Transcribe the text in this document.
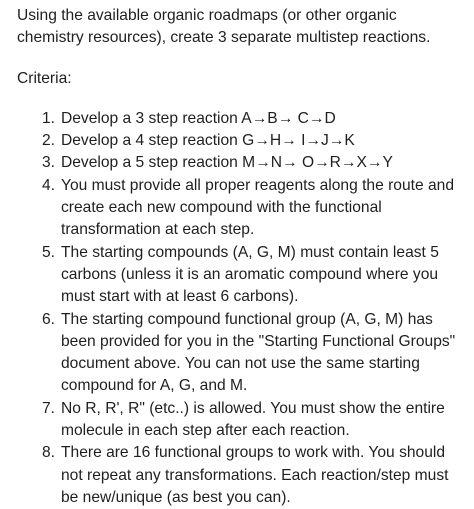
Using the available organic roadmaps (or other organic chemistry resources), create 3 separate multistep reactions.

Criteria:

1. Develop a 3 step reaction A→B→ C→D
2. Develop a 4 step reaction G→H→ I→J→K
3. Develop a 5 step reaction M→N→ O→R→X→Y
4. You must provide all proper reagents along the route and create each new compound with the functional transformation at each step.
5. The starting compounds (A, G, M) must contain least 5 carbons (unless it is an aromatic compound where you must start with at least 6 carbons).
6. The starting compound functional group (A, G, M) has been provided for you in the "Starting Functional Groups" document above. You can not use the same starting compound for A, G, and M.
7. No R, R', R" (etc..) is allowed. You must show the entire molecule in each step after each reaction.
8. There are 16 functional groups to work with. You should not repeat any transformations. Each reaction/step must be new/unique (as best you can).
